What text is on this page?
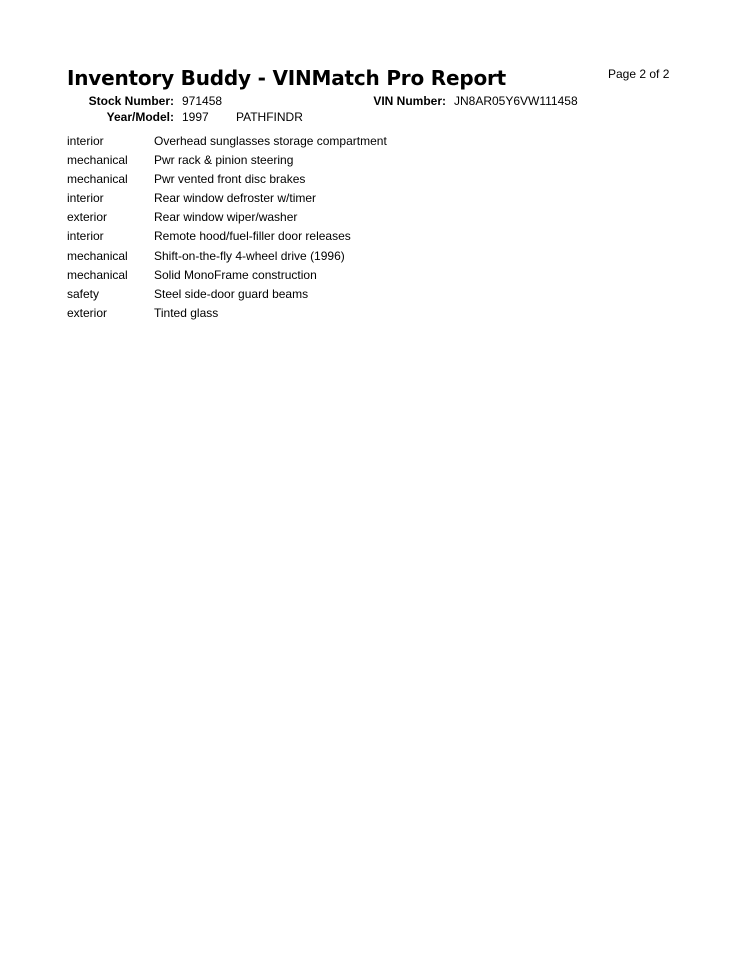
Inventory Buddy - VINMatch Pro Report	Page 2 of 2
Stock Number: 971458
Year/Model: 1997 PATHFINDR
VIN Number: JN8AR05Y6VW111458
interior	Overhead sunglasses storage compartment
mechanical	Pwr rack & pinion steering
mechanical	Pwr vented front disc brakes
interior	Rear window defroster w/timer
exterior	Rear window wiper/washer
interior	Remote hood/fuel-filler door releases
mechanical	Shift-on-the-fly 4-wheel drive (1996)
mechanical	Solid MonoFrame construction
safety	Steel side-door guard beams
exterior	Tinted glass
